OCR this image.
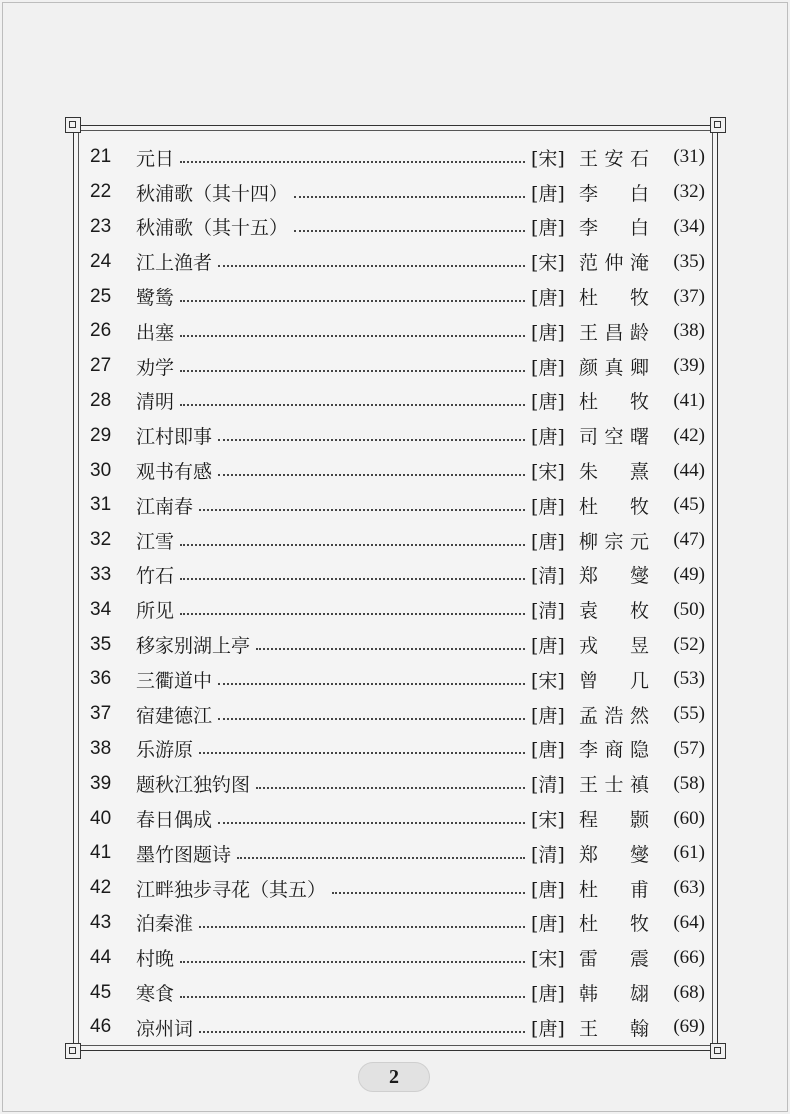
21	元日	[宋] 王 安 石	(31)
22	秋浦歌（其十四）	[唐] 李 白	(32)
23	秋浦歌（其十五）	[唐] 李 白	(34)
24	江上渔者	[宋] 范 仲 淹	(35)
25	鹭鸶	[唐] 杜 牧	(37)
26	出塞	[唐] 王 昌 龄	(38)
27	劝学	[唐] 颜 真 卿	(39)
28	清明	[唐] 杜 牧	(41)
29	江村即事	[唐] 司 空 曙	(42)
30	观书有感	[宋] 朱 熹	(44)
31	江南春	[唐] 杜 牧	(45)
32	江雪	[唐] 柳 宗 元	(47)
33	竹石	[清] 郑 燮	(49)
34	所见	[清] 袁 枚	(50)
35	移家别湖上亭	[唐] 戎 昱	(52)
36	三衢道中	[宋] 曾 几	(53)
37	宿建德江	[唐] 孟 浩 然	(55)
38	乐游原	[唐] 李 商 隐	(57)
39	题秋江独钓图	[清] 王 士 禛	(58)
40	春日偶成	[宋] 程 颢	(60)
41	墨竹图题诗	[清] 郑 燮	(61)
42	江畔独步寻花（其五）	[唐] 杜 甫	(63)
43	泊秦淮	[唐] 杜 牧	(64)
44	村晚	[宋] 雷 震	(66)
45	寒食	[唐] 韩 翃	(68)
46	凉州词	[唐] 王 翰	(69)
2
